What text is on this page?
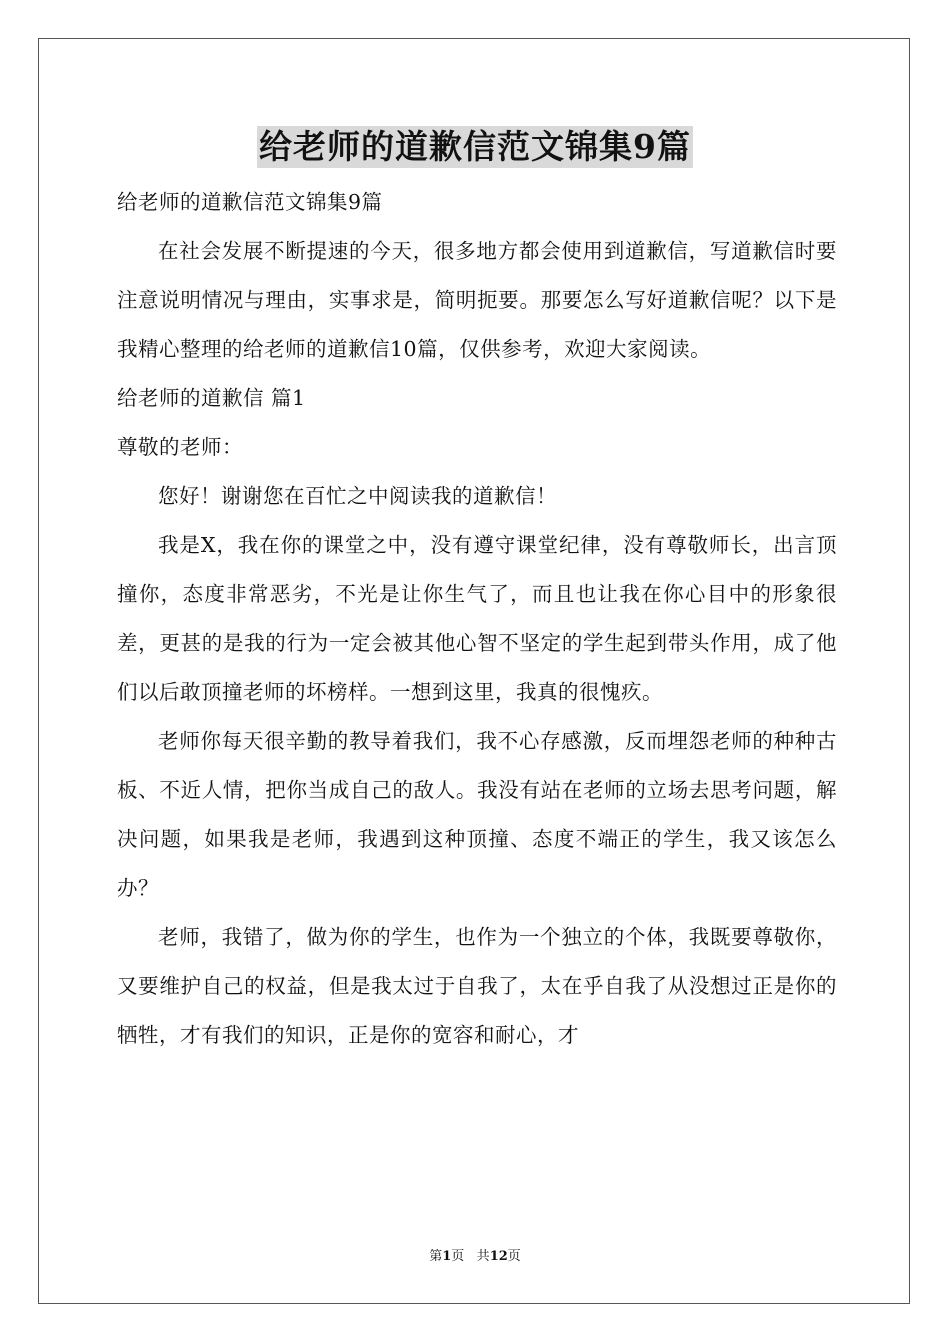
给老师的道歉信范文锦集9篇

给老师的道歉信范文锦集9篇

在社会发展不断提速的今天，很多地方都会使用到道歉信，写道歉信时要注意说明情况与理由，实事求是，简明扼要。那要怎么写好道歉信呢？以下是我精心整理的给老师的道歉信10篇，仅供参考，欢迎大家阅读。

给老师的道歉信 篇1

尊敬的老师：

您好！谢谢您在百忙之中阅读我的道歉信！

我是X，我在你的课堂之中，没有遵守课堂纪律，没有尊敬师长，出言顶撞你，态度非常恶劣，不光是让你生气了，而且也让我在你心目中的形象很差，更甚的是我的行为一定会被其他心智不坚定的学生起到带头作用，成了他们以后敢顶撞老师的坏榜样。一想到这里，我真的很愧疚。

老师你每天很辛勤的教导着我们，我不心存感激，反而埋怨老师的种种古板、不近人情，把你当成自己的敌人。我没有站在老师的立场去思考问题，解决问题，如果我是老师，我遇到这种顶撞、态度不端正的学生，我又该怎么办？

老师，我错了，做为你的学生，也作为一个独立的个体，我既要尊敬你，又要维护自己的权益，但是我太过于自我了，太在乎自我了从没想过正是你的牺牲，才有我们的知识，正是你的宽容和耐心，才

第1页 共12页
